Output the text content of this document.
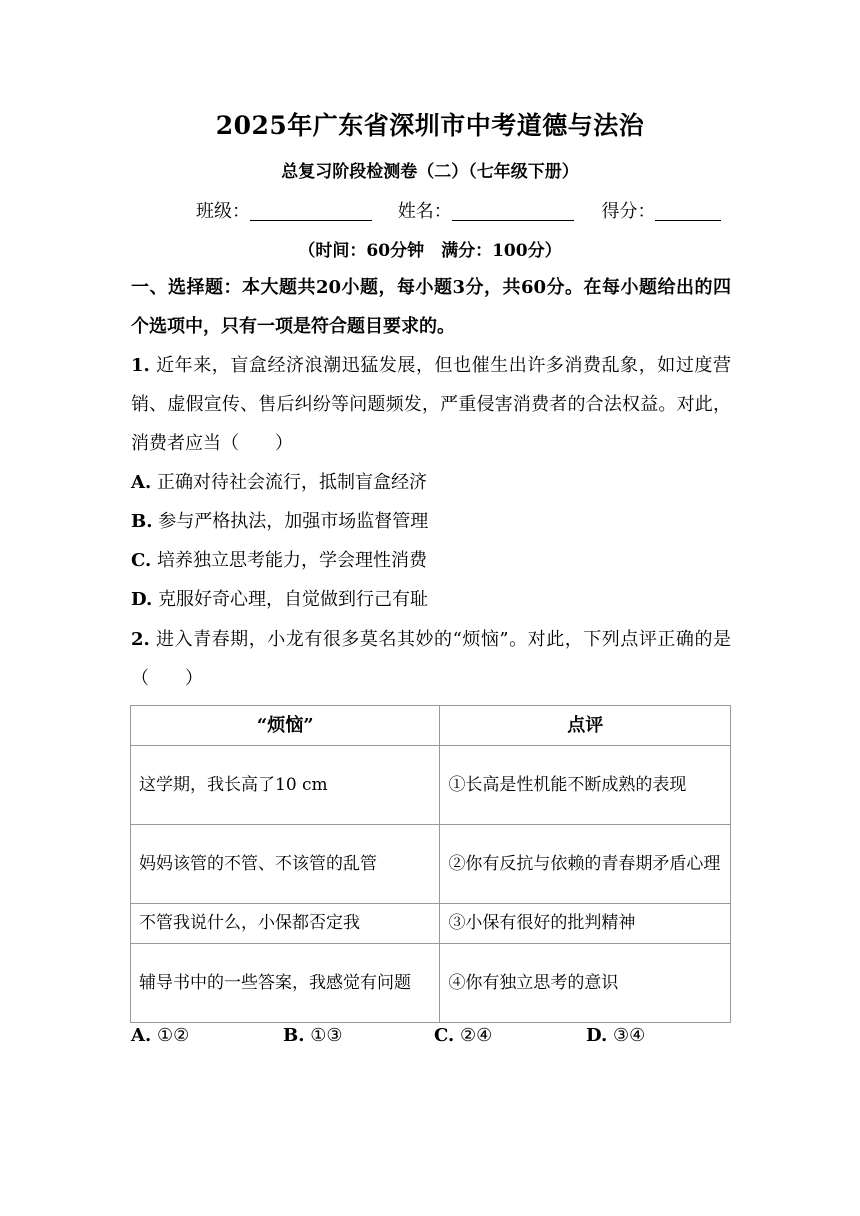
2025年广东省深圳市中考道德与法治
总复习阶段检测卷（二）（七年级下册）
班级：	姓名：	得分：
（时间：60分钟　满分：100分）
一、选择题：本大题共20小题，每小题3分，共60分。在每小题给出的四个选项中，只有一项是符合题目要求的。
1. 近年来，盲盒经济浪潮迅猛发展，但也催生出许多消费乱象，如过度营销、虚假宣传、售后纠纷等问题频发，严重侵害消费者的合法权益。对此，消费者应当（　　）
A. 正确对待社会流行，抵制盲盒经济
B. 参与严格执法，加强市场监督管理
C. 培养独立思考能力，学会理性消费
D. 克服好奇心理，自觉做到行己有耻
2. 进入青春期，小龙有很多莫名其妙的“烦恼”。对此，下列点评正确的是（　　）
“烦恼”	点评
这学期，我长高了10 cm	①长高是性机能不断成熟的表现
妈妈该管的不管、不该管的乱管	②你有反抗与依赖的青春期矛盾心理
不管我说什么，小保都否定我	③小保有很好的批判精神
辅导书中的一些答案，我感觉有问题	④你有独立思考的意识
A. ①②	B. ①③	C. ②④	D. ③④
